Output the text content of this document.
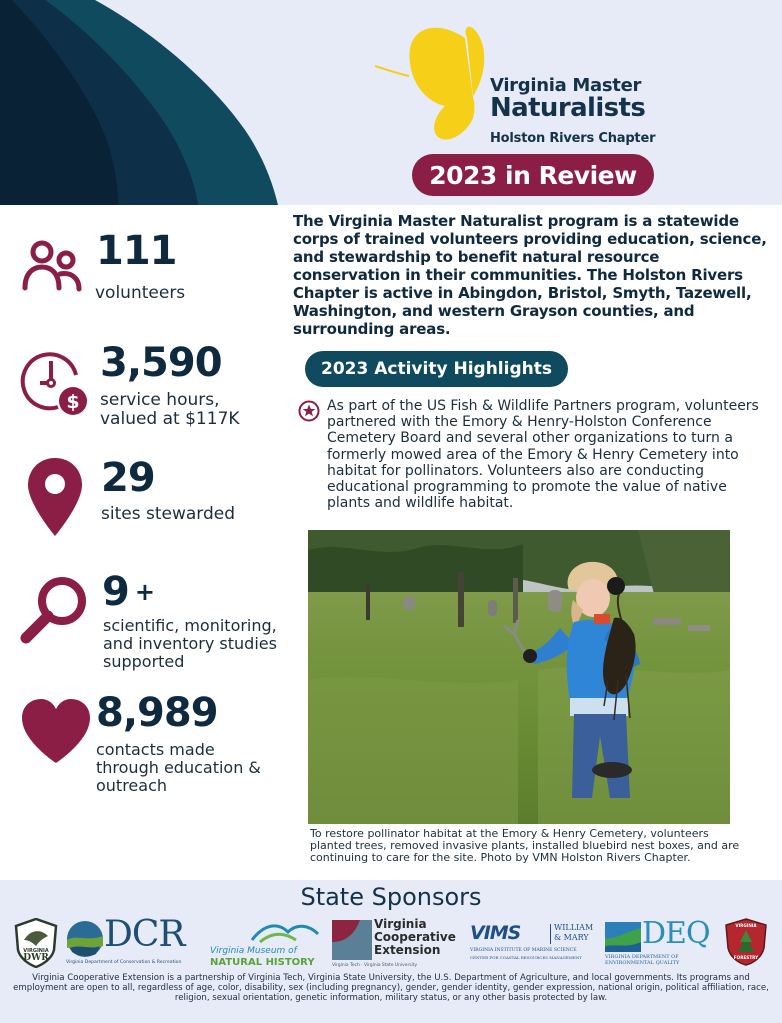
Virginia Master
Naturalists
Holston Rivers Chapter
2023 in Review
111
volunteers
$
3,590
service hours,
valued at $117K
29
sites stewarded
9 +
scientific, monitoring,
and inventory studies
supported
8,989
contacts made
through education &
outreach
The Virginia Master Naturalist program is a statewide corps of trained volunteers providing education, science, and stewardship to benefit natural resource conservation in their communities. The Holston Rivers Chapter is active in Abingdon, Bristol, Smyth, Tazewell, Washington, and western Grayson counties, and surrounding areas.
2023 Activity Highlights
As part of the US Fish & Wildlife Partners program, volunteers partnered with the Emory & Henry-Holston Conference Cemetery Board and several other organizations to turn a formerly mowed area of the Emory & Henry Cemetery into habitat for pollinators. Volunteers also are conducting educational programming to promote the value of native plants and wildlife habitat.
To restore pollinator habitat at the Emory & Henry Cemetery, volunteers planted trees, removed invasive plants, installed bluebird nest boxes, and are continuing to care for the site. Photo by VMN Holston Rivers Chapter.
State Sponsors
VIRGINIA
DWR
DCR
Virginia Department of Conservation & Recreation
Virginia Museum of
NATURAL HISTORY
Virginia
Cooperative
Extension
Virginia Tech · Virginia State University
VIMS	WILLIAM
& MARY
VIRGINIA INSTITUTE OF MARINE SCIENCE
CENTER FOR COASTAL RESOURCES MANAGEMENT
DEQ
VIRGINIA DEPARTMENT OF
ENVIRONMENTAL QUALITY
VIRGINIA
FORESTRY
Virginia Cooperative Extension is a partnership of Virginia Tech, Virginia State University, the U.S. Department of Agriculture, and local governments. Its programs and employment are open to all, regardless of age, color, disability, sex (including pregnancy), gender, gender identity, gender expression, national origin, political affiliation, race, religion, sexual orientation, genetic information, military status, or any other basis protected by law.
